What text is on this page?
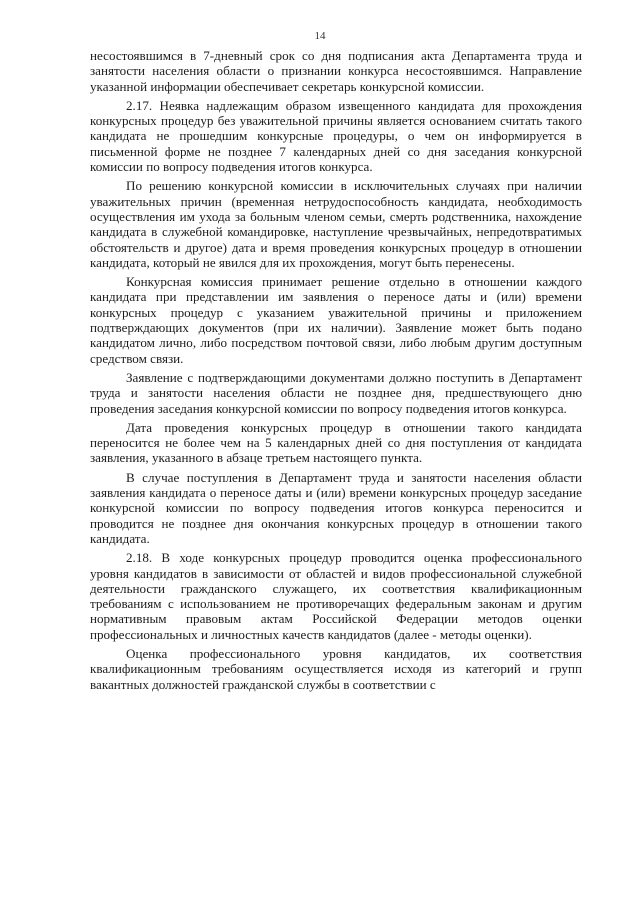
14

несостоявшимся в 7-дневный срок со дня подписания акта Департамента труда и занятости населения области о признании конкурса несостоявшимся. Направление указанной информации обеспечивает секретарь конкурсной комиссии.

2.17. Неявка надлежащим образом извещенного кандидата для прохождения конкурсных процедур без уважительной причины является основанием считать такого кандидата не прошедшим конкурсные процедуры, о чем он информируется в письменной форме не позднее 7 календарных дней со дня заседания конкурсной комиссии по вопросу подведения итогов конкурса.

По решению конкурсной комиссии в исключительных случаях при наличии уважительных причин (временная нетрудоспособность кандидата, необходимость осуществления им ухода за больным членом семьи, смерть родственника, нахождение кандидата в служебной командировке, наступление чрезвычайных, непредотвратимых обстоятельств и другое) дата и время проведения конкурсных процедур в отношении кандидата, который не явился для их прохождения, могут быть перенесены.

Конкурсная комиссия принимает решение отдельно в отношении каждого кандидата при представлении им заявления о переносе даты и (или) времени конкурсных процедур с указанием уважительной причины и приложением подтверждающих документов (при их наличии). Заявление может быть подано кандидатом лично, либо посредством почтовой связи, либо любым другим доступным средством связи.

Заявление с подтверждающими документами должно поступить в Департамент труда и занятости населения области не позднее дня, предшествующего дню проведения заседания конкурсной комиссии по вопросу подведения итогов конкурса.

Дата проведения конкурсных процедур в отношении такого кандидата переносится не более чем на 5 календарных дней со дня поступления от кандидата заявления, указанного в абзаце третьем настоящего пункта.

В случае поступления в Департамент труда и занятости населения области заявления кандидата о переносе даты и (или) времени конкурсных процедур заседание конкурсной комиссии по вопросу подведения итогов конкурса переносится и проводится не позднее дня окончания конкурсных процедур в отношении такого кандидата.

2.18. В ходе конкурсных процедур проводится оценка профессионального уровня кандидатов в зависимости от областей и видов профессиональной служебной деятельности гражданского служащего, их соответствия квалификационным требованиям с использованием не противоречащих федеральным законам и другим нормативным правовым актам Российской Федерации методов оценки профессиональных и личностных качеств кандидатов (далее - методы оценки).

Оценка профессионального уровня кандидатов, их соответствия квалификационным требованиям осуществляется исходя из категорий и групп вакантных должностей гражданской службы в соответствии с
